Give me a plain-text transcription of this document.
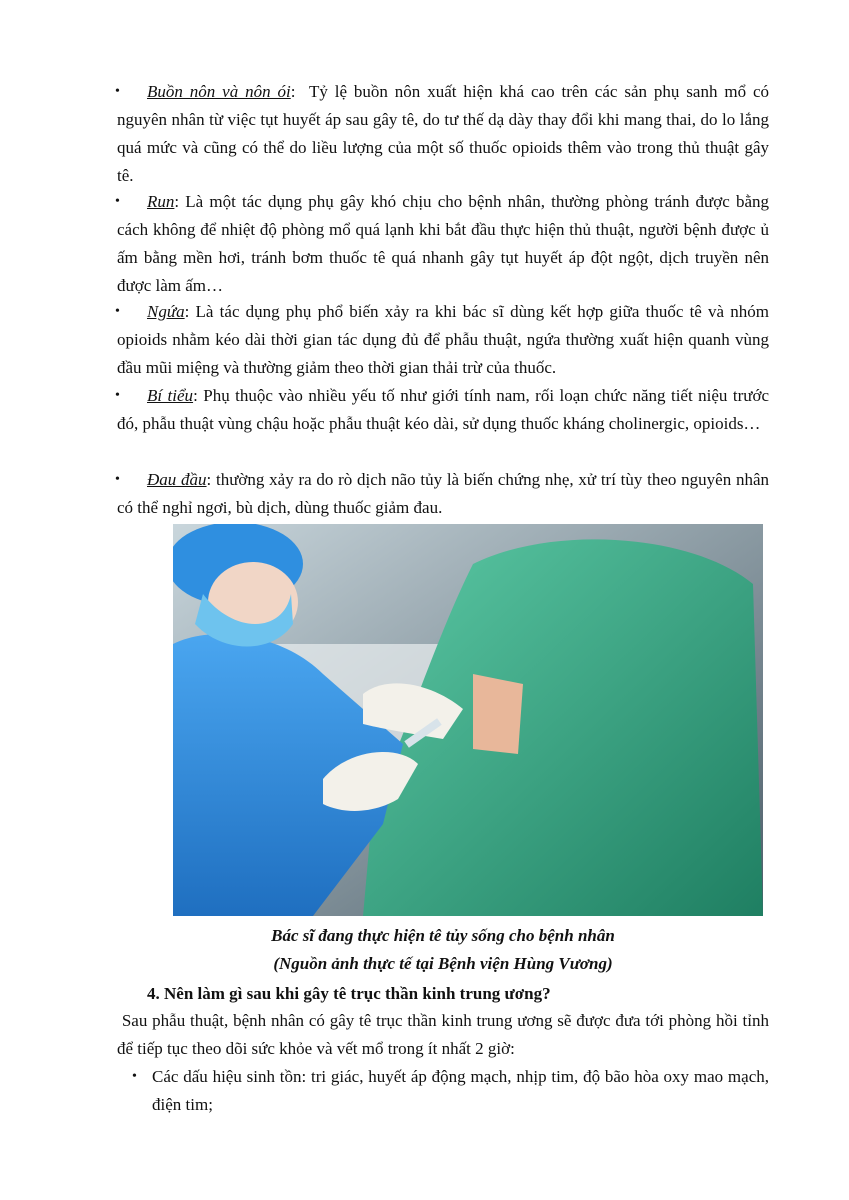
• Buồn nôn và nôn ói:  Tỷ lệ buồn nôn xuất hiện khá cao trên các sản phụ sanh mổ có nguyên nhân từ việc tụt huyết áp sau gây tê, do tư thế dạ dày thay đổi khi mang thai, do lo lắng quá mức và cũng có thể do liều lượng của một số thuốc opioids thêm vào trong thủ thuật gây tê.
• Run: Là một tác dụng phụ gây khó chịu cho bệnh nhân, thường phòng tránh được bằng cách không để nhiệt độ phòng mổ quá lạnh khi bắt đầu thực hiện thủ thuật, người bệnh được ủ ấm bằng mền hơi, tránh bơm thuốc tê quá nhanh gây tụt huyết áp đột ngột, dịch truyền nên được làm ấm…
• Ngứa: Là tác dụng phụ phổ biến xảy ra khi bác sĩ dùng kết hợp giữa thuốc tê và nhóm opioids nhằm kéo dài thời gian tác dụng đủ để phẫu thuật, ngứa thường xuất hiện quanh vùng đầu mũi miệng và thường giảm theo thời gian thải trừ của thuốc.
• Bí tiểu: Phụ thuộc vào nhiều yếu tố như giới tính nam, rối loạn chức năng tiết niệu trước đó, phẫu thuật vùng chậu hoặc phẫu thuật kéo dài, sử dụng thuốc kháng cholinergic, opioids…
• Đau đầu: thường xảy ra do rò dịch não tủy là biến chứng nhẹ, xử trí tùy theo nguyên nhân có thể nghỉ ngơi, bù dịch, dùng thuốc giảm đau.
Bác sĩ đang thực hiện tê tủy sống cho bệnh nhân
(Nguồn ảnh thực tế tại Bệnh viện Hùng Vương)
4. Nên làm gì sau khi gây tê trục thần kinh trung ương?
Sau phẫu thuật, bệnh nhân có gây tê trục thần kinh trung ương sẽ được đưa tới phòng hồi tỉnh để tiếp tục theo dõi sức khỏe và vết mổ trong ít nhất 2 giờ:
• Các dấu hiệu sinh tồn: tri giác, huyết áp động mạch, nhịp tim, độ bão hòa oxy mao mạch, điện tim;
